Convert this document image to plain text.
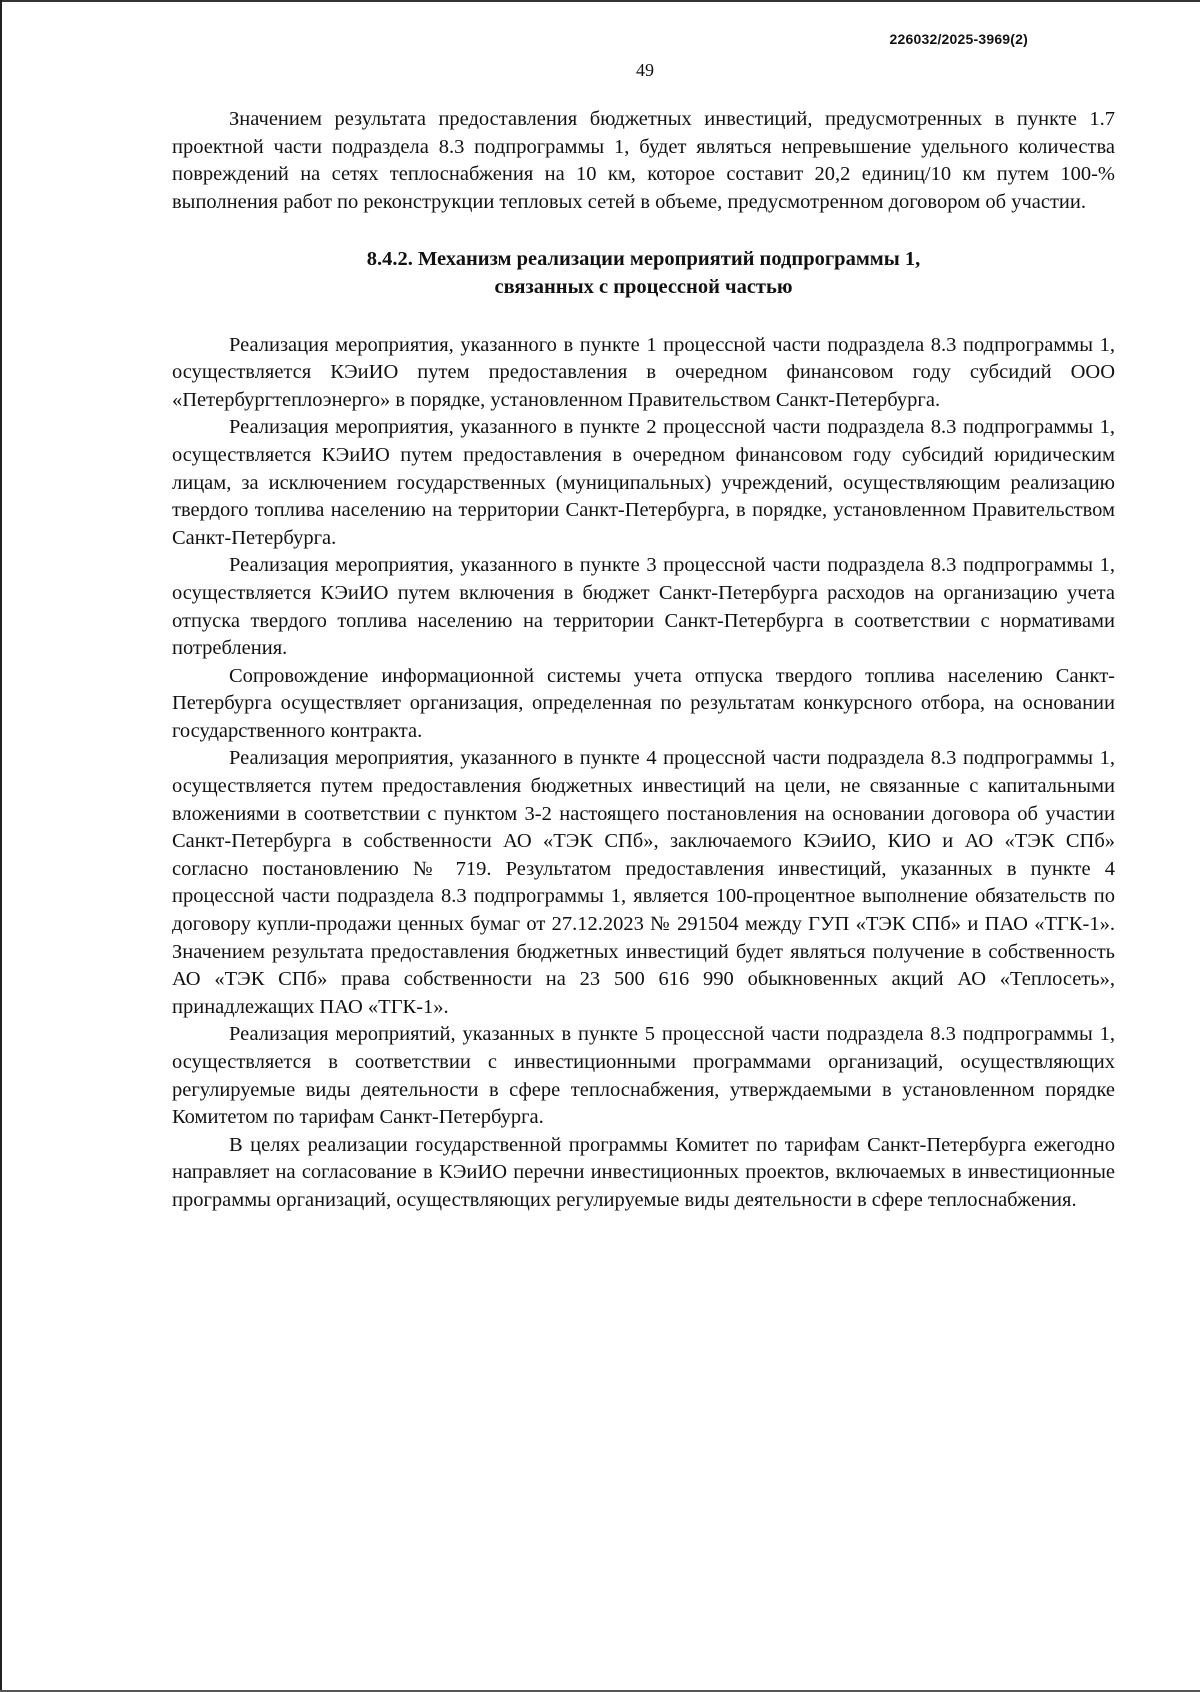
226032/2025-3969(2)
49

Значением результата предоставления бюджетных инвестиций, предусмотренных в пункте 1.7 проектной части подраздела 8.3 подпрограммы 1, будет являться непревышение удельного количества повреждений на сетях теплоснабжения на 10 км, которое составит 20,2 единиц/10 км путем 100-% выполнения работ по реконструкции тепловых сетей в объеме, предусмотренном договором об участии.

8.4.2. Механизм реализации мероприятий подпрограммы 1,
связанных с процессной частью

Реализация мероприятия, указанного в пункте 1 процессной части подраздела 8.3 подпрограммы 1, осуществляется КЭиИО путем предоставления в очередном финансовом году субсидий ООО «Петербургтеплоэнерго» в порядке, установленном Правительством Санкт-Петербурга.

Реализация мероприятия, указанного в пункте 2 процессной части подраздела 8.3 подпрограммы 1, осуществляется КЭиИО путем предоставления в очередном финансовом году субсидий юридическим лицам, за исключением государственных (муниципальных) учреждений, осуществляющим реализацию твердого топлива населению на территории Санкт-Петербурга, в порядке, установленном Правительством Санкт-Петербурга.

Реализация мероприятия, указанного в пункте 3 процессной части подраздела 8.3 подпрограммы 1, осуществляется КЭиИО путем включения в бюджет Санкт-Петербурга расходов на организацию учета отпуска твердого топлива населению на территории Санкт-Петербурга в соответствии с нормативами потребления.

Сопровождение информационной системы учета отпуска твердого топлива населению Санкт-Петербурга осуществляет организация, определенная по результатам конкурсного отбора, на основании государственного контракта.

Реализация мероприятия, указанного в пункте 4 процессной части подраздела 8.3 подпрограммы 1, осуществляется путем предоставления бюджетных инвестиций на цели, не связанные с капитальными вложениями в соответствии с пунктом 3-2 настоящего постановления на основании договора об участии Санкт-Петербурга в собственности АО «ТЭК СПб», заключаемого КЭиИО, КИО и АО «ТЭК СПб» согласно постановлению № 719. Результатом предоставления инвестиций, указанных в пункте 4 процессной части подраздела 8.3 подпрограммы 1, является 100-процентное выполнение обязательств по договору купли-продажи ценных бумаг от 27.12.2023 № 291504 между ГУП «ТЭК СПб» и ПАО «ТГК-1». Значением результата предоставления бюджетных инвестиций будет являться получение в собственность АО «ТЭК СПб» права собственности на 23 500 616 990 обыкновенных акций АО «Теплосеть», принадлежащих ПАО «ТГК-1».

Реализация мероприятий, указанных в пункте 5 процессной части подраздела 8.3 подпрограммы 1, осуществляется в соответствии с инвестиционными программами организаций, осуществляющих регулируемые виды деятельности в сфере теплоснабжения, утверждаемыми в установленном порядке Комитетом по тарифам Санкт-Петербурга.

В целях реализации государственной программы Комитет по тарифам Санкт-Петербурга ежегодно направляет на согласование в КЭиИО перечни инвестиционных проектов, включаемых в инвестиционные программы организаций, осуществляющих регулируемые виды деятельности в сфере теплоснабжения.
